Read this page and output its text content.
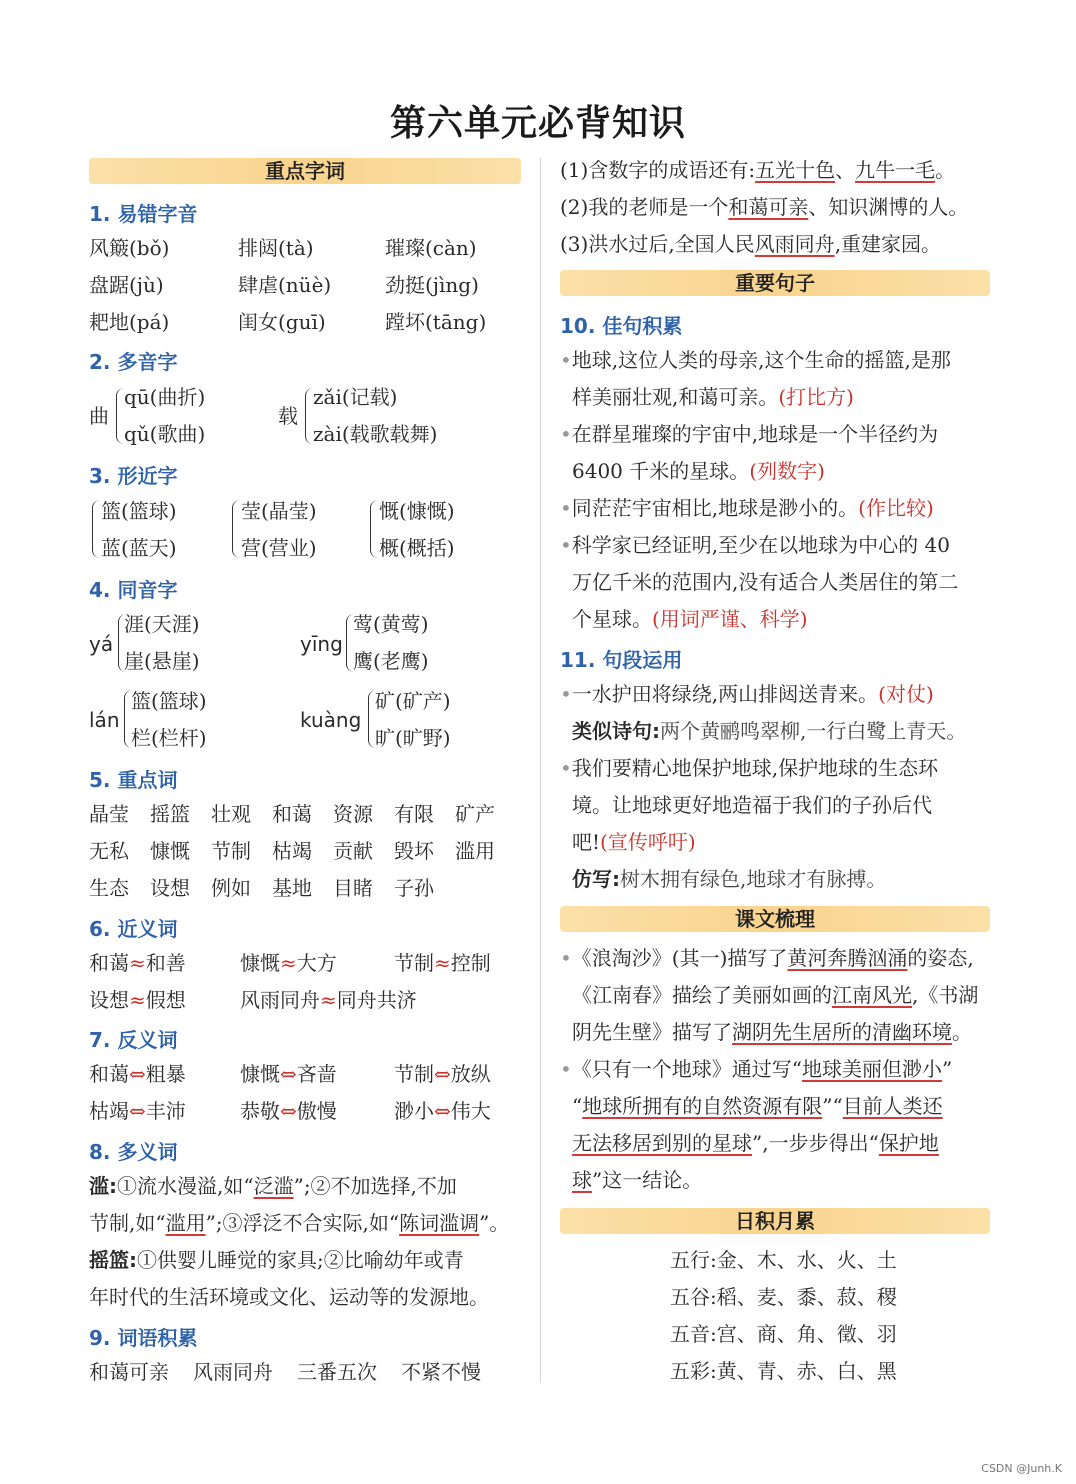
第六单元必背知识
重点字词
1. 易错字音
风簸(bǒ)	排闼(tà)	璀璨(càn)
盘踞(jù)	肆虐(nüè)	劲挺(jìng)
耙地(pá)	闺女(guī)	蹚坏(tāng)
2. 多音字
曲
qū(曲折)
qǔ(歌曲)
载
zǎi(记载)
zài(载歌载舞)
3. 形近字
篮(篮球)
蓝(蓝天)
莹(晶莹)
营(营业)
慨(慷慨)
概(概括)
4. 同音字
yá
涯(天涯)
崖(悬崖)
yīng
莺(黄莺)
鹰(老鹰)
lán
篮(篮球)
栏(栏杆)
kuàng
矿(矿产)
旷(旷野)
5. 重点词
晶莹 摇篮 壮观 和蔼 资源 有限 矿产
无私 慷慨 节制 枯竭 贡献 毁坏 滥用
生态 设想 例如 基地 目睹 子孙
6. 近义词
和蔼≈和善	慷慨≈大方	节制≈控制
设想≈假想	风雨同舟≈同舟共济
7. 反义词
和蔼⇔粗暴	慷慨⇔吝啬	节制⇔放纵
枯竭⇔丰沛	恭敬⇔傲慢	渺小⇔伟大
8. 多义词
滥:①流水漫溢,如“泛滥”;②不加选择,不加
节制,如“滥用”;③浮泛不合实际,如“陈词滥调”。
摇篮:①供婴儿睡觉的家具;②比喻幼年或青
年时代的生活环境或文化、运动等的发源地。
9. 词语积累
和蔼可亲 风雨同舟 三番五次 不紧不慢
(1)含数字的成语还有:五光十色、九牛一毛。
(2)我的老师是一个和蔼可亲、知识渊博的人。
(3)洪水过后,全国人民风雨同舟,重建家园。
重要句子
10. 佳句积累
•地球,这位人类的母亲,这个生命的摇篮,是那
样美丽壮观,和蔼可亲。(打比方)
•在群星璀璨的宇宙中,地球是一个半径约为
6400 千米的星球。(列数字)
•同茫茫宇宙相比,地球是渺小的。(作比较)
•科学家已经证明,至少在以地球为中心的 40
万亿千米的范围内,没有适合人类居住的第二
个星球。(用词严谨、科学)
11. 句段运用
•一水护田将绿绕,两山排闼送青来。(对仗)
类似诗句:两个黄鹂鸣翠柳,一行白鹭上青天。
•我们要精心地保护地球,保护地球的生态环
境。让地球更好地造福于我们的子孙后代
吧!(宣传呼吁)
仿写:树木拥有绿色,地球才有脉搏。
课文梳理
•《浪淘沙》(其一)描写了黄河奔腾汹涌的姿态,
《江南春》描绘了美丽如画的江南风光,《书湖
阴先生壁》描写了湖阴先生居所的清幽环境。
•《只有一个地球》通过写“地球美丽但渺小”
“地球所拥有的自然资源有限”“目前人类还
无法移居到别的星球”,一步步得出“保护地
球”这一结论。
日积月累
五行:金、木、水、火、土
五谷:稻、麦、黍、菽、稷
五音:宫、商、角、徵、羽
五彩:黄、青、赤、白、黑
CSDN @Junh.K
